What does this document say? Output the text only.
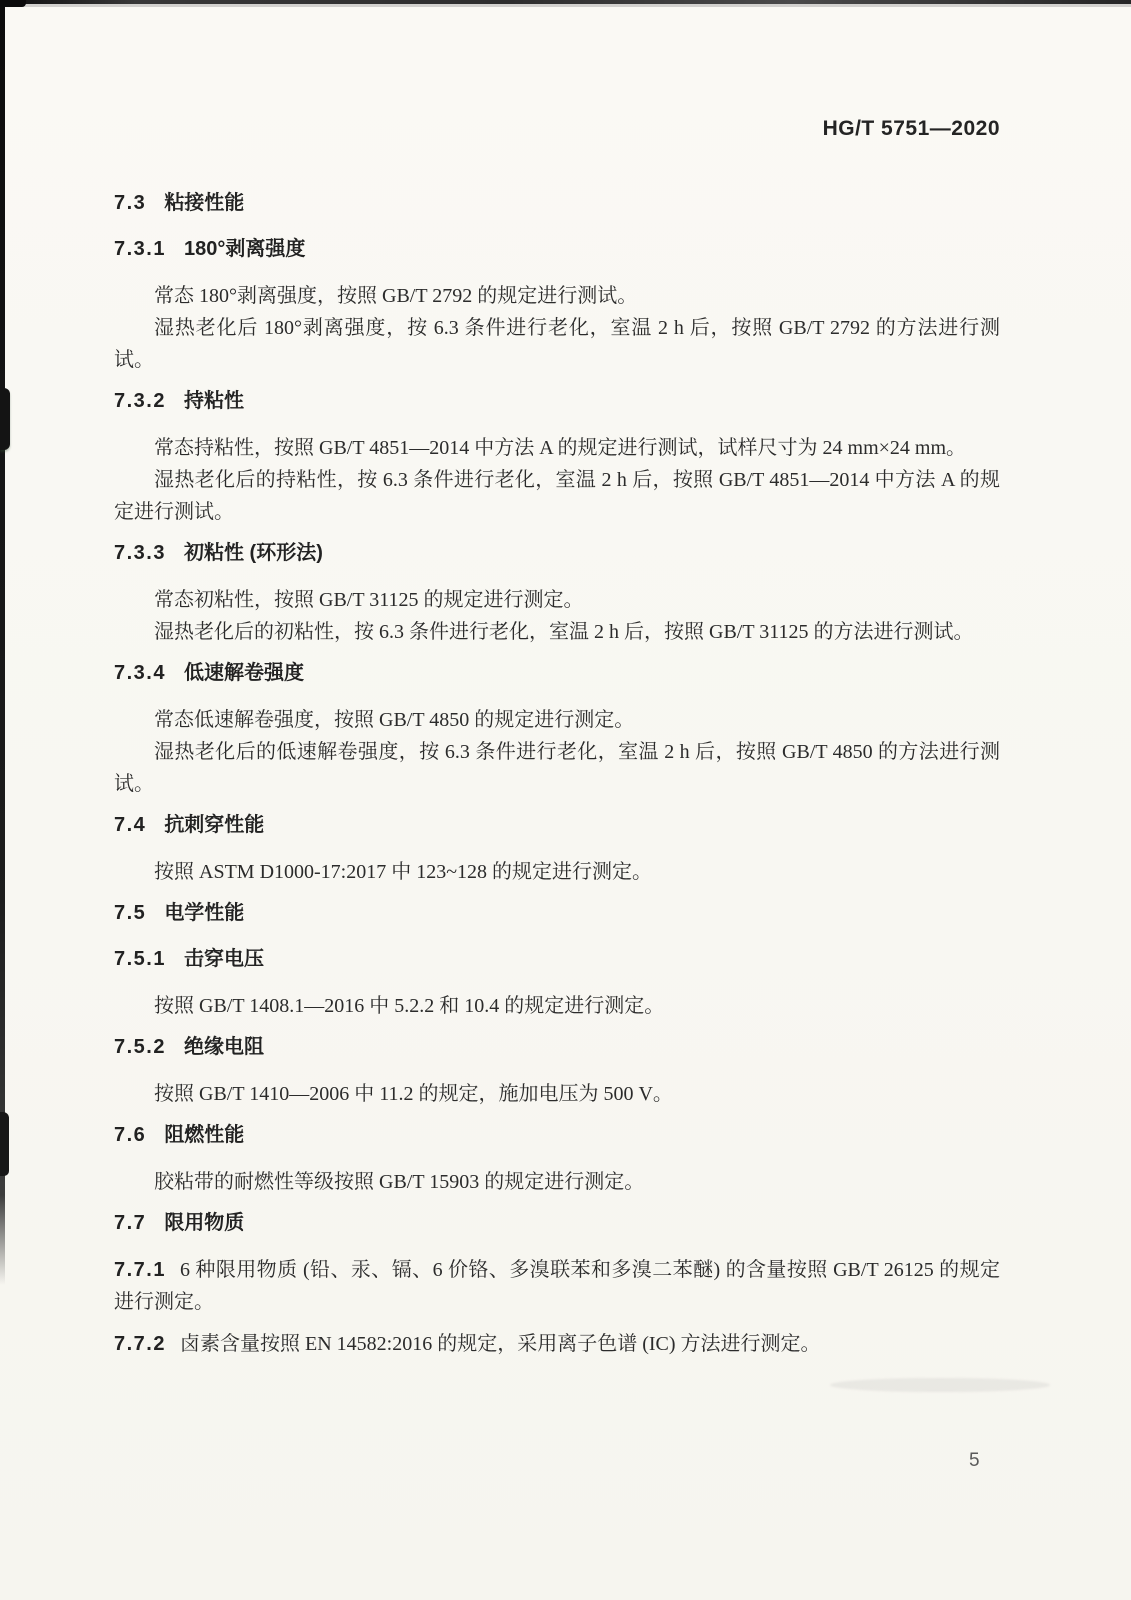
HG/T 5751—2020
7.3 粘接性能
7.3.1 180°剥离强度

常态 180°剥离强度，按照 GB/T 2792 的规定进行测试。

湿热老化后 180°剥离强度，按 6.3 条件进行老化，室温 2 h 后，按照 GB/T 2792 的方法进行测试。

7.3.2 持粘性

常态持粘性，按照 GB/T 4851—2014 中方法 A 的规定进行测试，试样尺寸为 24 mm×24 mm。

湿热老化后的持粘性，按 6.3 条件进行老化，室温 2 h 后，按照 GB/T 4851—2014 中方法 A 的规定进行测试。

7.3.3 初粘性 (环形法)

常态初粘性，按照 GB/T 31125 的规定进行测定。

湿热老化后的初粘性，按 6.3 条件进行老化，室温 2 h 后，按照 GB/T 31125 的方法进行测试。

7.3.4 低速解卷强度

常态低速解卷强度，按照 GB/T 4850 的规定进行测定。

湿热老化后的低速解卷强度，按 6.3 条件进行老化，室温 2 h 后，按照 GB/T 4850 的方法进行测试。

7.4 抗刺穿性能

按照 ASTM D1000-17:2017 中 123~128 的规定进行测定。

7.5 电学性能
7.5.1 击穿电压

按照 GB/T 1408.1—2016 中 5.2.2 和 10.4 的规定进行测定。

7.5.2 绝缘电阻

按照 GB/T 1410—2006 中 11.2 的规定，施加电压为 500 V。

7.6 阻燃性能

胶粘带的耐燃性等级按照 GB/T 15903 的规定进行测定。

7.7 限用物质

7.7.1 6 种限用物质 (铅、汞、镉、6 价铬、多溴联苯和多溴二苯醚) 的含量按照 GB/T 26125 的规定进行测定。

7.7.2 卤素含量按照 EN 14582:2016 的规定，采用离子色谱 (IC) 方法进行测定。

5
